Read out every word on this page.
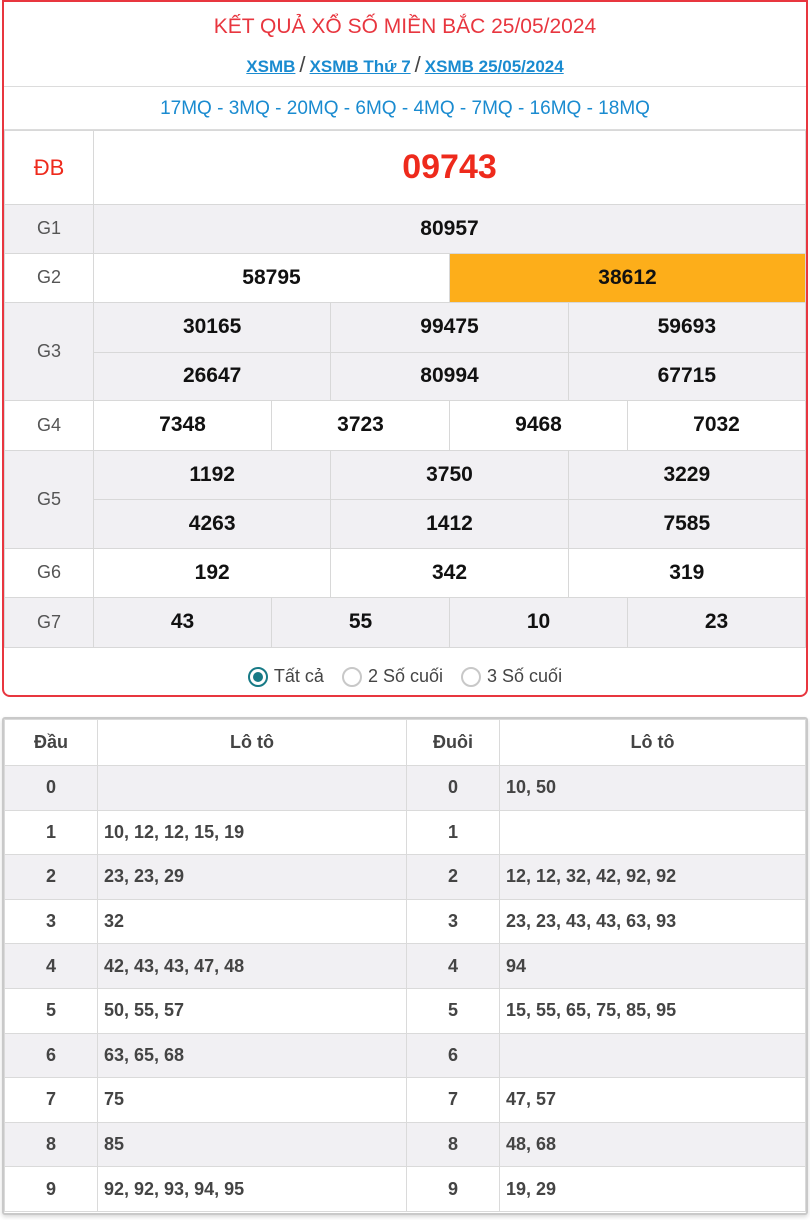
KẾT QUẢ XỔ SỐ MIỀN BẮC 25/05/2024
XSMB / XSMB Thứ 7 / XSMB 25/05/2024
17MQ - 3MQ - 20MQ - 6MQ - 4MQ - 7MQ - 16MQ - 18MQ
ĐB	09743
G1	80957
G2	58795 38612

G3	
30165	99475	59693
26647	80994	67715

G4	7348 3723 9468 7032

G5	
1192	3750	3229
4263	1412	7585

G6	192 342 319

G7	43 55 10 23
Tất cả 2 Số cuối 3 Số cuối
Đầu	Lô tô	Đuôi	Lô tô
0		0	10, 50
1	10, 12, 12, 15, 19	1	
2	23, 23, 29	2	12, 12, 32, 42, 92, 92
3	32	3	23, 23, 43, 43, 63, 93
4	42, 43, 43, 47, 48	4	94
5	50, 55, 57	5	15, 55, 65, 75, 85, 95
6	63, 65, 68	6	
7	75	7	47, 57
8	85	8	48, 68
9	92, 92, 93, 94, 95	9	19, 29
